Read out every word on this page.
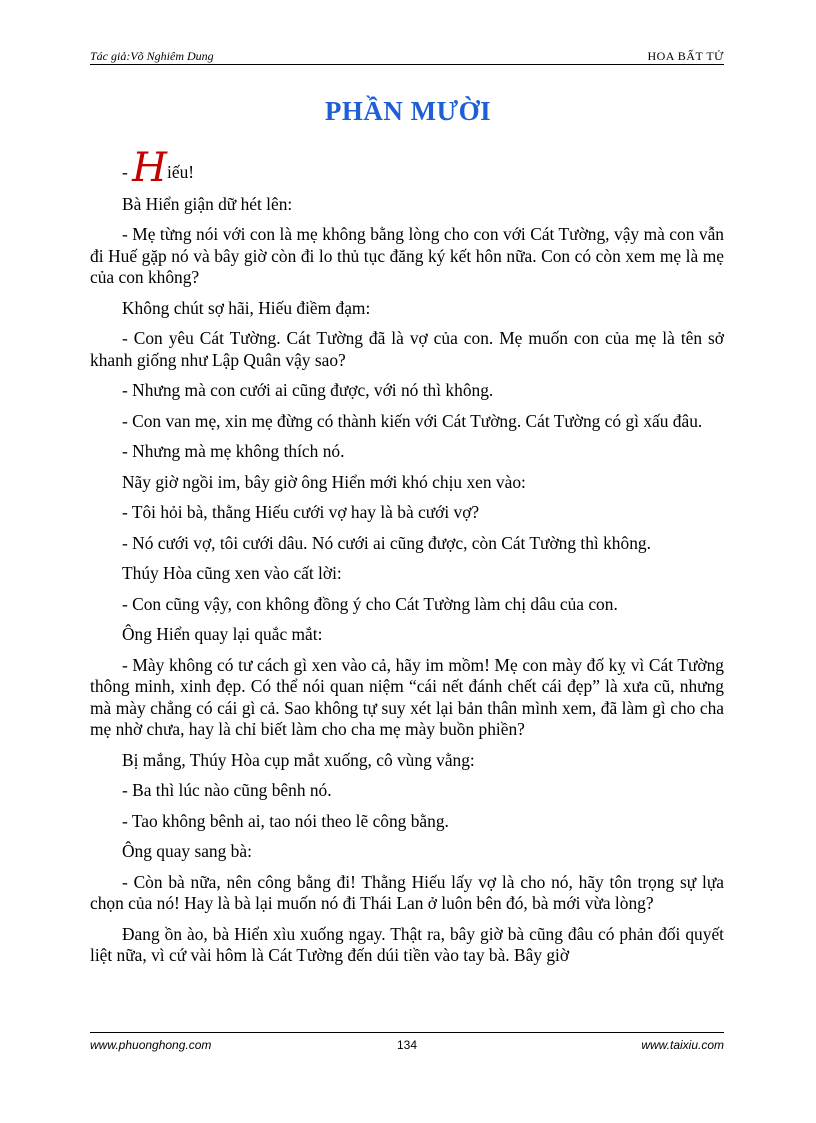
Tác giả:Võ Nghiêm Dung	HOA BẤT TỬ
PHẦN MƯỜI

- Hiếu!

Bà Hiển giận dữ hét lên:

- Mẹ từng nói với con là mẹ không bằng lòng cho con với Cát Tường, vậy mà con vẫn đi Huế gặp nó và bây giờ còn đi lo thủ tục đăng ký kết hôn nữa. Con có còn xem mẹ là mẹ của con không?

Không chút sợ hãi, Hiếu điềm đạm:

- Con yêu Cát Tường. Cát Tường đã là vợ của con. Mẹ muốn con của mẹ là tên sở khanh giống như Lập Quân vậy sao?

- Nhưng mà con cưới ai cũng được, với nó thì không.

- Con van mẹ, xin mẹ đừng có thành kiến với Cát Tường. Cát Tường có gì xấu đâu.

- Nhưng mà mẹ không thích nó.

Nãy giờ ngồi im, bây giờ ông Hiển mới khó chịu xen vào:

- Tôi hỏi bà, thằng Hiếu cưới vợ hay là bà cưới vợ?

- Nó cưới vợ, tôi cưới dâu. Nó cưới ai cũng được, còn Cát Tường thì không.

Thúy Hòa cũng xen vào cất lời:

- Con cũng vậy, con không đồng ý cho Cát Tường làm chị dâu của con.

Ông Hiển quay lại quắc mắt:

- Mày không có tư cách gì xen vào cả, hãy im mồm! Mẹ con mày đố kỵ vì Cát Tường thông minh, xinh đẹp. Có thể nói quan niệm “cái nết đánh chết cái đẹp” là xưa cũ, nhưng mà mày chẳng có cái gì cả. Sao không tự suy xét lại bản thân mình xem, đã làm gì cho cha mẹ nhờ chưa, hay là chỉ biết làm cho cha mẹ mày buồn phiền?

Bị mắng, Thúy Hòa cụp mắt xuống, cô vùng vằng:

- Ba thì lúc nào cũng bênh nó.

- Tao không bênh ai, tao nói theo lẽ công bằng.

Ông quay sang bà:

- Còn bà nữa, nên công bằng đi! Thằng Hiếu lấy vợ là cho nó, hãy tôn trọng sự lựa chọn của nó! Hay là bà lại muốn nó đi Thái Lan ở luôn bên đó, bà mới vừa lòng?

Đang ồn ào, bà Hiển xìu xuống ngay. Thật ra, bây giờ bà cũng đâu có phản đối quyết liệt nữa, vì cứ vài hôm là Cát Tường đến dúi tiền vào tay bà. Bây giờ

www.phuonghong.com	134	www.taixiu.com
